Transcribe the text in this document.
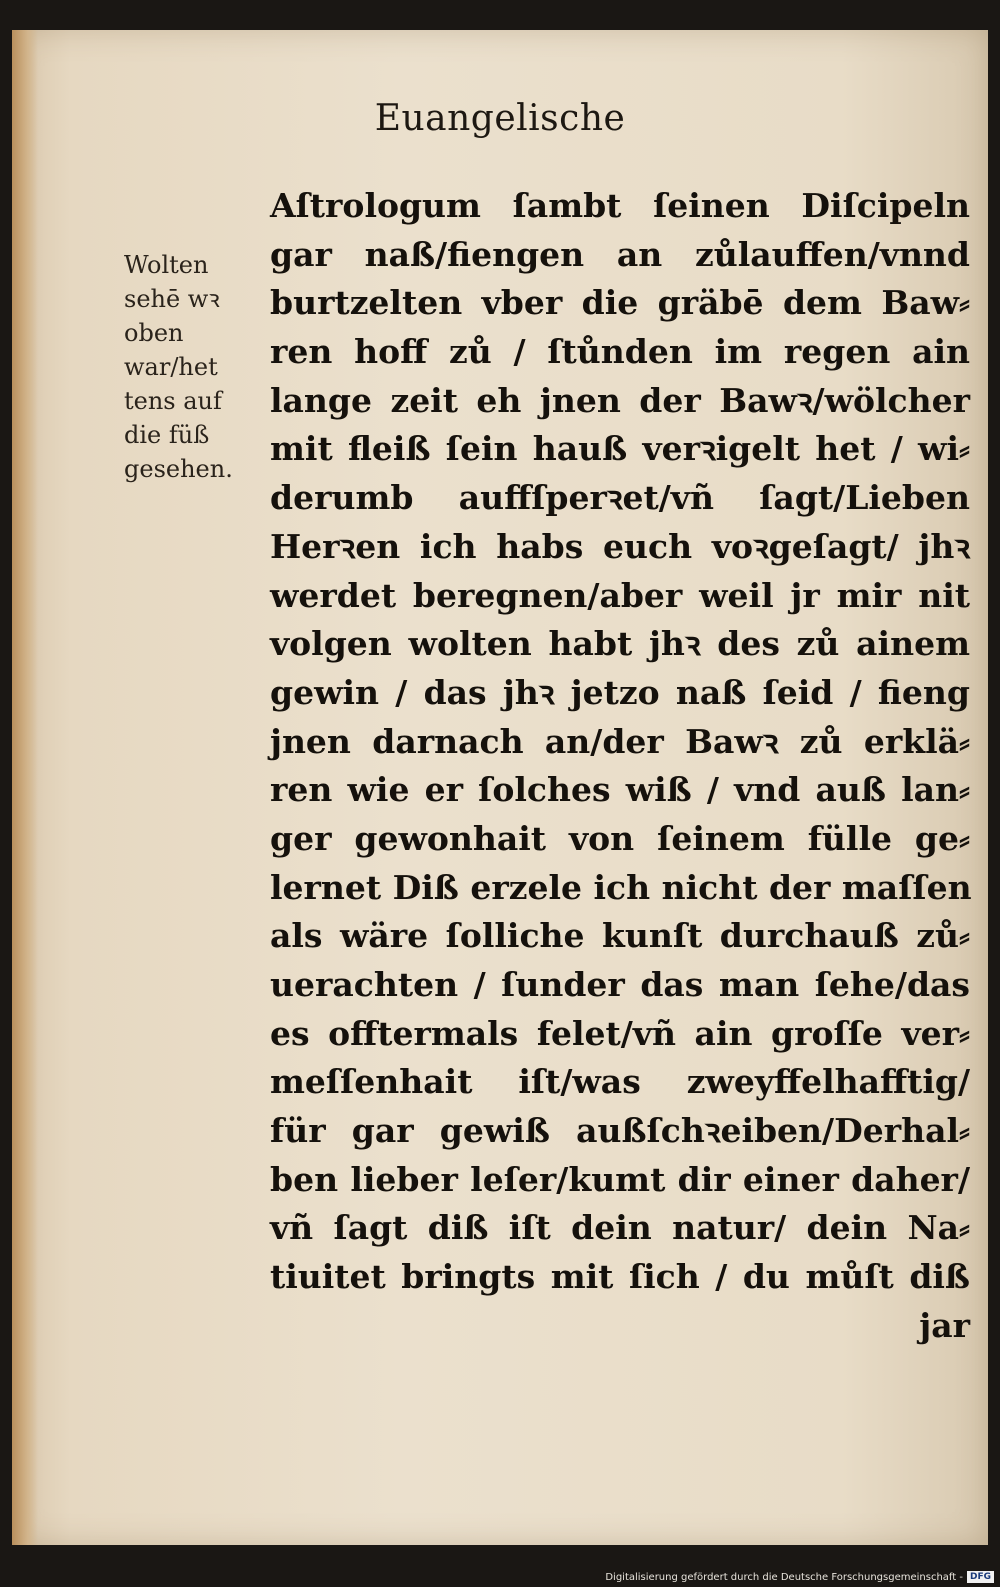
Euangelische
Wolten
sehē wꝛ
oben
war/het
tens auf
die füß
gesehen.
Aſtrologum ſambt ſeinen Diſcipeln
gar naß/fiengen an zůlauffen/vnnd
burtzelten vber die gräbē dem Baw⸗
ren hoff zů / ſtůnden im regen ain
lange zeit eh jnen der Bawꝛ/wölcher
mit fleiß ſein hauß verꝛigelt het / wi⸗
derumb auffſperꝛet/vñ ſagt/Lieben
Herꝛen ich habs euch voꝛgeſagt/ jhꝛ
werdet beregnen/aber weil jr mir nit
volgen wolten habt jhꝛ des zů ainem
gewin / das jhꝛ jetzo naß ſeid / fieng
jnen darnach an/der Bawꝛ zů erklä⸗
ren wie er ſolches wiß / vnd auß lan⸗
ger gewonhait von ſeinem fülle ge⸗
lernet Diß erzele ich nicht der maſſen
als wäre ſolliche kunſt durchauß zů⸗
uerachten / ſunder das man ſehe/das
es offtermals felet/vñ ain groſſe ver⸗
meſſenhait iſt/was zweyffelhafftig/
für gar gewiß außſchꝛeiben/Derhal⸗
ben lieber leſer/kumt dir einer daher/
vñ ſagt diß iſt dein natur/ dein Na⸗
tiuitet bringts mit ſich / du můſt diß
jar
Digitalisierung gefördert durch die Deutsche Forschungsgemeinschaft - DFG
